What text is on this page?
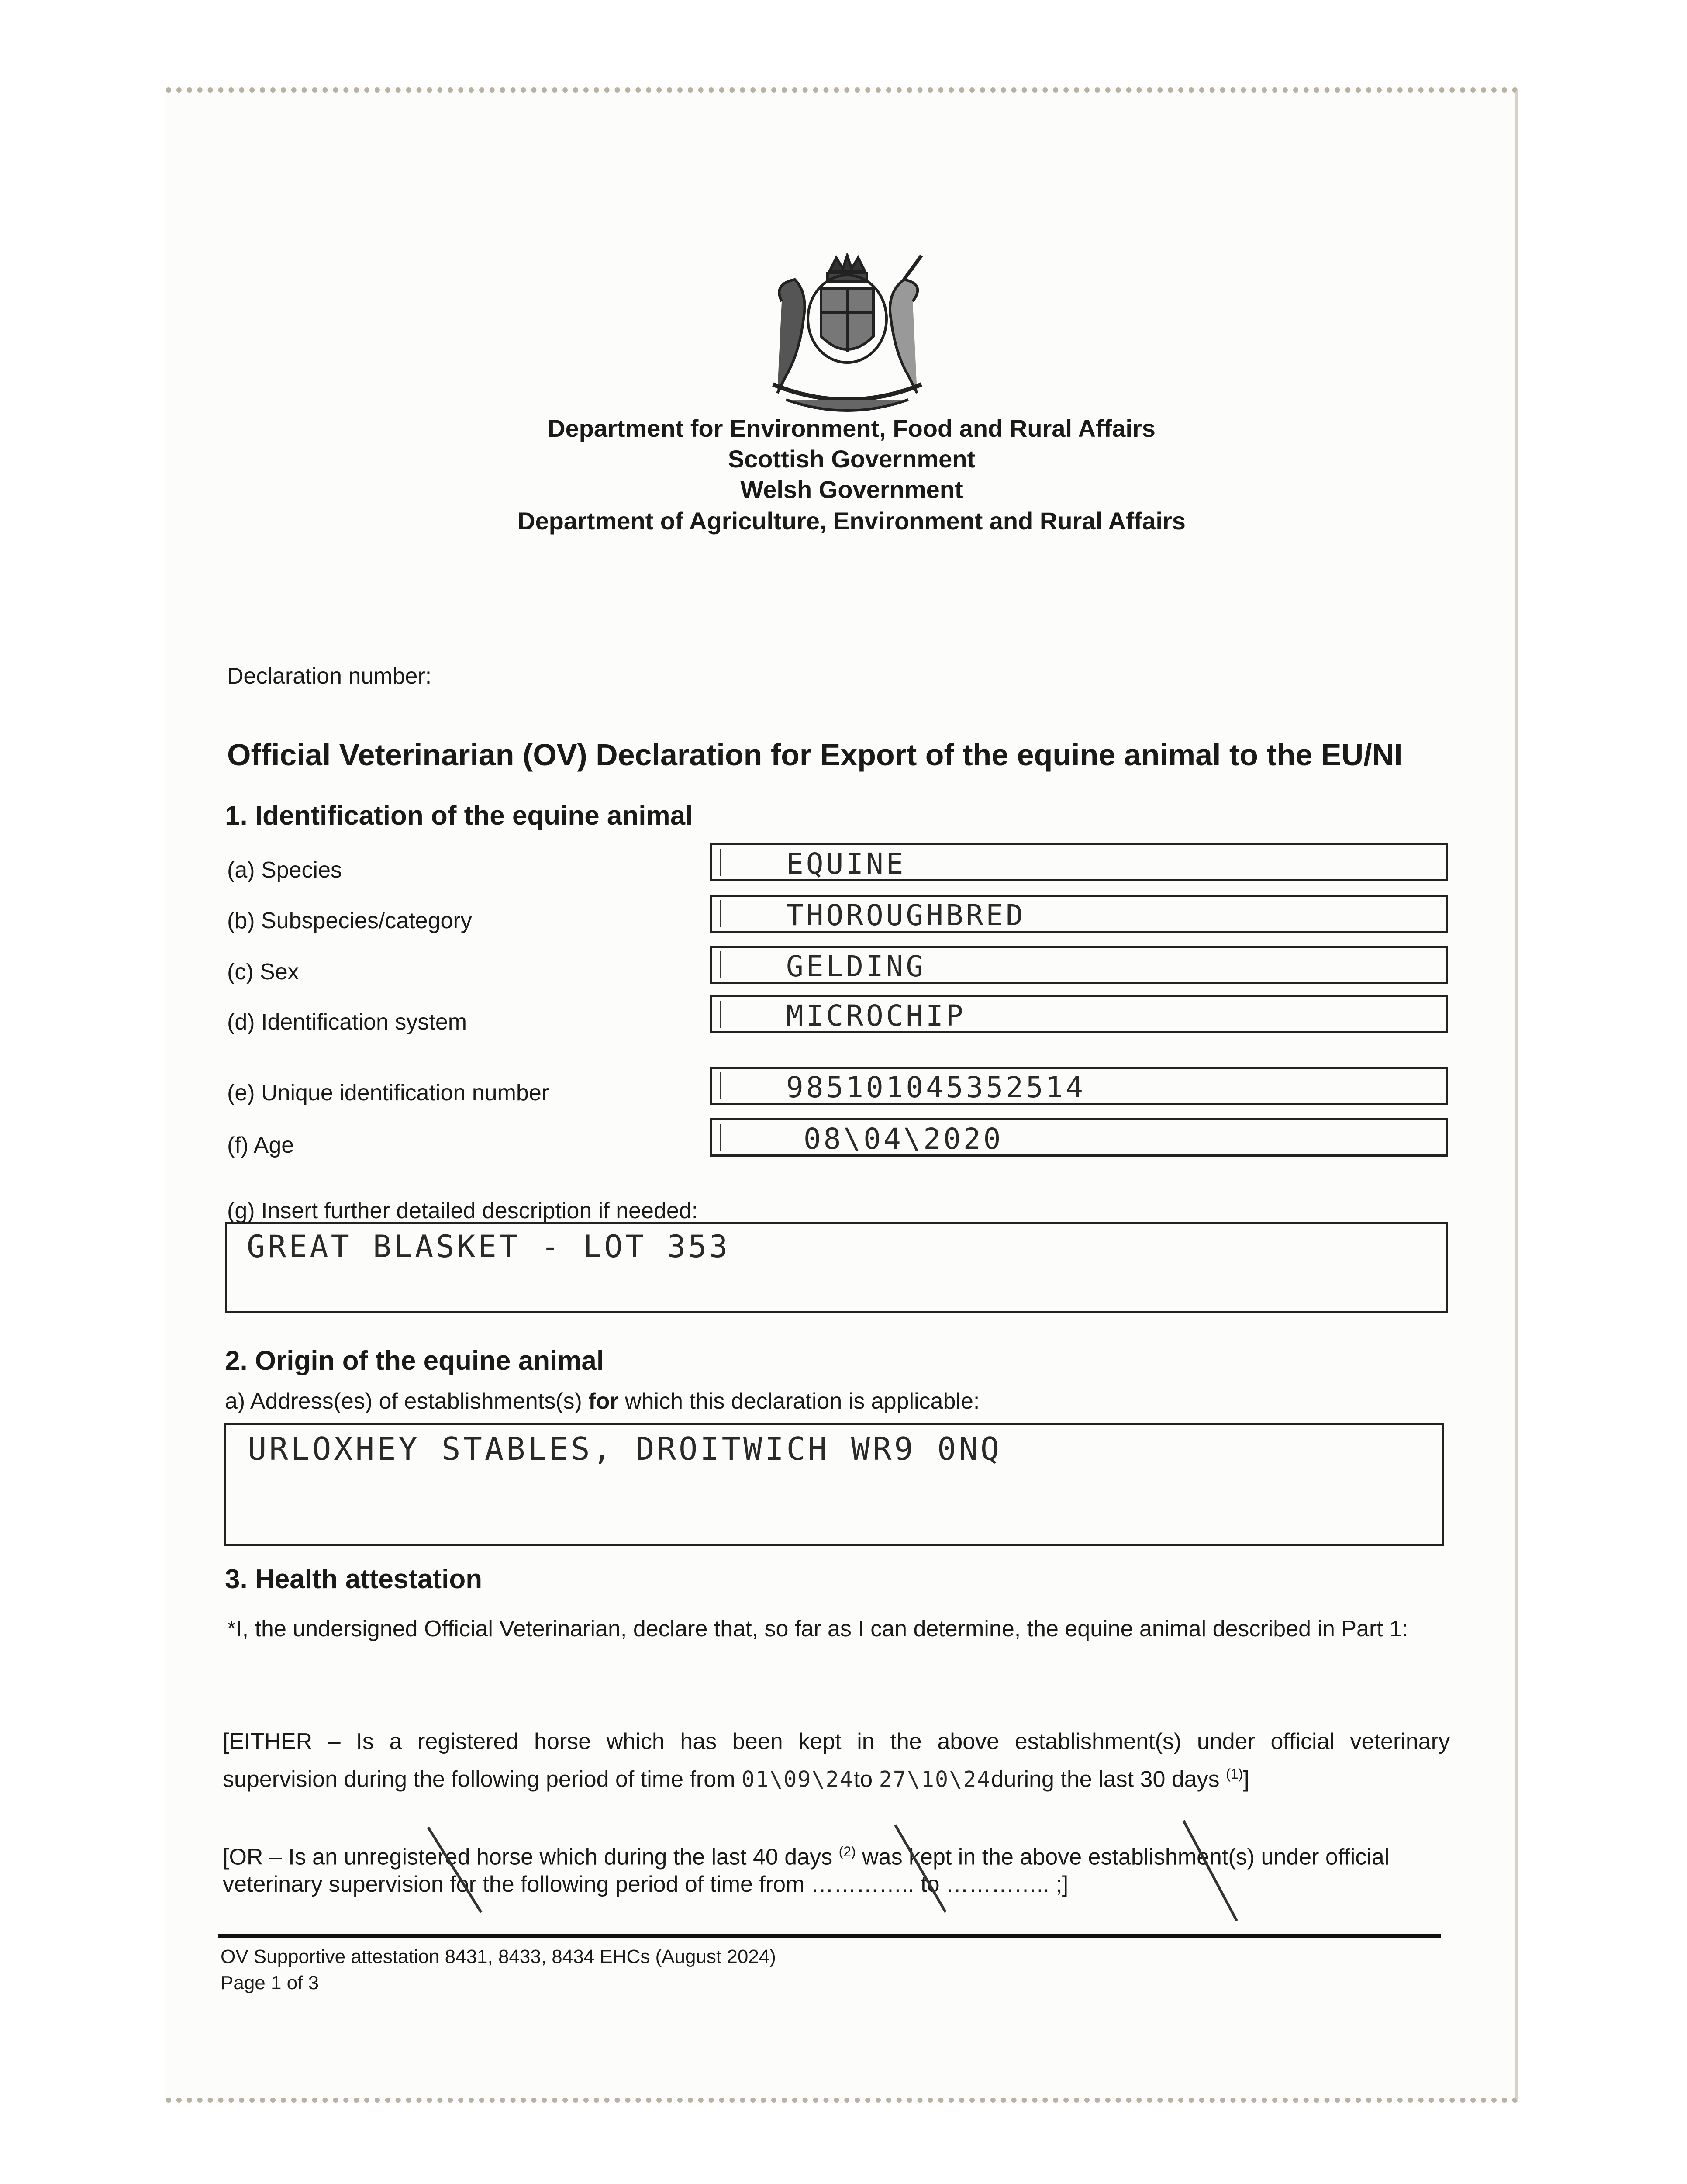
Department for Environment, Food and Rural Affairs
Scottish Government
Welsh Government
Department of Agriculture, Environment and Rural Affairs
Declaration number:
Official Veterinarian (OV) Declaration for Export of the equine animal to the EU/NI
1. Identification of the equine animal
(a) Species	EQUINE
(b) Subspecies/category	THOROUGHBRED
(c) Sex	GELDING
(d) Identification system	MICROCHIP
(e) Unique identification number	985101045352514
(f) Age	08\04\2020
(g) Insert further detailed description if needed:
GREAT BLASKET - LOT 353
2. Origin of the equine animal
a) Address(es) of establishments(s) for which this declaration is applicable:
URLOXHEY STABLES, DROITWICH WR9 0NQ
3. Health attestation
*I, the undersigned Official Veterinarian, declare that, so far as I can determine, the equine animal described in Part 1:
[EITHER – Is a registered horse which has been kept in the above establishment(s) under official veterinary
supervision during the following period of time from 01\09\24to 27\10\24during the last 30 days $^{(1)}$]
[OR – Is an unregistered horse which during the last 40 days $^{(2)}$ was kept in the above establishment(s) under official
veterinary supervision for the following period of time from ………….. to ………….. ;]
OV Supportive attestation 8431, 8433, 8434 EHCs (August 2024)
Page 1 of 3
